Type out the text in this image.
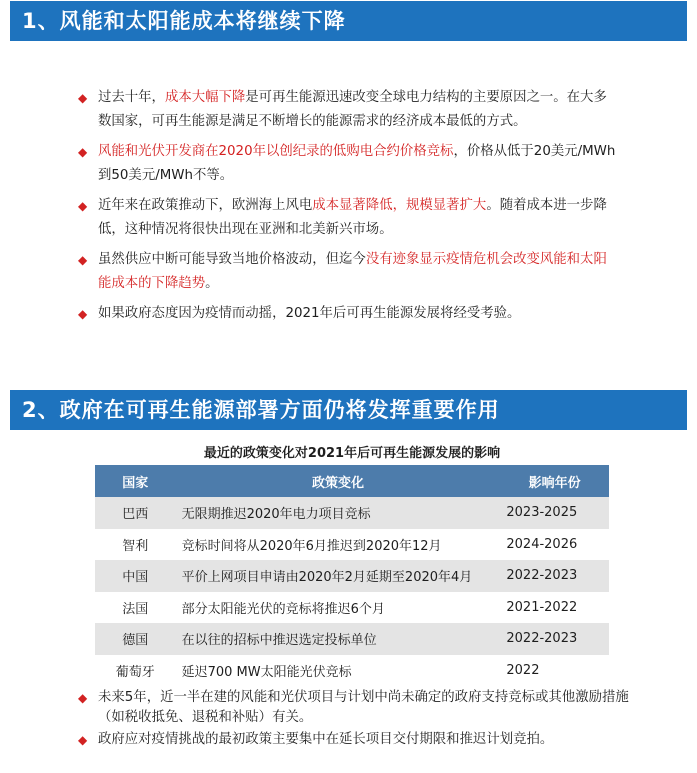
1、风能和太阳能成本将继续下降
◆ 过去十年，成本大幅下降是可再生能源迅速改变全球电力结构的主要原因之一。在大多数国家，可再生能源是满足不断增长的能源需求的经济成本最低的方式。
◆ 风能和光伏开发商在2020年以创纪录的低购电合约价格竞标，价格从低于20美元/MWh到50美元/MWh不等。
◆ 近年来在政策推动下，欧洲海上风电成本显著降低，规模显著扩大。随着成本进一步降低，这种情况将很快出现在亚洲和北美新兴市场。
◆ 虽然供应中断可能导致当地价格波动，但迄今没有迹象显示疫情危机会改变风能和太阳能成本的下降趋势。
◆ 如果政府态度因为疫情而动摇，2021年后可再生能源发展将经受考验。
2、政府在可再生能源部署方面仍将发挥重要作用
最近的政策变化对2021年后可再生能源发展的影响
国家	政策变化	影响年份
巴西	无限期推迟2020年电力项目竞标	2023-2025
智利	竞标时间将从2020年6月推迟到2020年12月	2024-2026
中国	平价上网项目申请由2020年2月延期至2020年4月	2022-2023
法国	部分太阳能光伏的竞标将推迟6个月	2021-2022
德国	在以往的招标中推迟选定投标单位	2022-2023
葡萄牙	延迟700 MW太阳能光伏竞标	2022
◆ 未来5年，近一半在建的风能和光伏项目与计划中尚未确定的政府支持竞标或其他激励措施（如税收抵免、退税和补贴）有关。
◆ 政府应对疫情挑战的最初政策主要集中在延长项目交付期限和推迟计划竞拍。
